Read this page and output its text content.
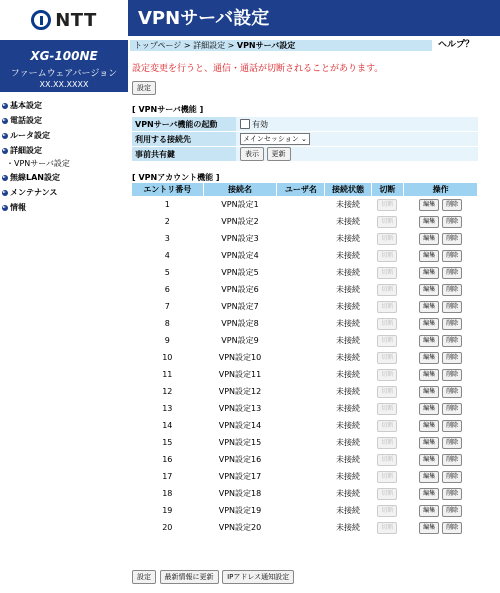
NTT
XG-100NE
ファームウェアバージョン
XX.XX.XXXX
基本設定
電話設定
ルータ設定
詳細設定
・VPNサーバ設定
無線LAN設定
メンテナンス
情報
VPNサーバ設定
トップページ > 詳細設定 > VPNサーバ設定	ヘルプ？
設定変更を行うと、通信・通話が切断されることがあります。
設定
[ VPNサーバ機能 ]
VPNサーバ機能の起動	有効
利用する接続先	メインセッション ⌄
事前共有鍵	表示 更新
[ VPNアカウント機能 ]
エントリ番号	接続名	ユーザ名	接続状態	切断	操作
1	VPN設定1		未接続	切断	編集 削除
2	VPN設定2		未接続	切断	編集 削除
3	VPN設定3		未接続	切断	編集 削除
4	VPN設定4		未接続	切断	編集 削除
5	VPN設定5		未接続	切断	編集 削除
6	VPN設定6		未接続	切断	編集 削除
7	VPN設定7		未接続	切断	編集 削除
8	VPN設定8		未接続	切断	編集 削除
9	VPN設定9		未接続	切断	編集 削除
10	VPN設定10		未接続	切断	編集 削除
11	VPN設定11		未接続	切断	編集 削除
12	VPN設定12		未接続	切断	編集 削除
13	VPN設定13		未接続	切断	編集 削除
14	VPN設定14		未接続	切断	編集 削除
15	VPN設定15		未接続	切断	編集 削除
16	VPN設定16		未接続	切断	編集 削除
17	VPN設定17		未接続	切断	編集 削除
18	VPN設定18		未接続	切断	編集 削除
19	VPN設定19		未接続	切断	編集 削除
20	VPN設定20		未接続	切断	編集 削除
設定 最新情報に更新 IPアドレス通知設定
